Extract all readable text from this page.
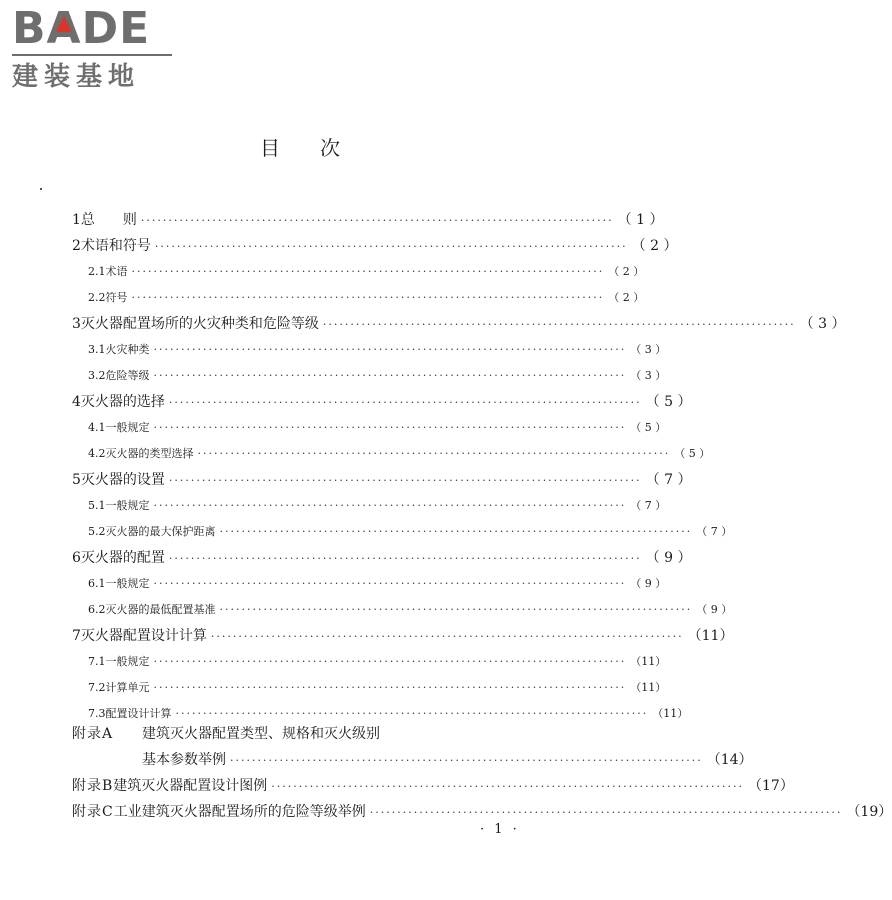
BA
DE
建装基地
目次
1 总　　则 ······················································································ （ 1 ）
2 术语和符号 ······················································································ （ 2 ）
2.1 术语 ······················································································ （ 2 ）
2.2 符号 ······················································································ （ 2 ）
3 灭火器配置场所的火灾种类和危险等级 ······················································································ （ 3 ）
3.1 火灾种类 ······················································································ （ 3 ）
3.2 危险等级 ······················································································ （ 3 ）
4 灭火器的选择 ······················································································ （ 5 ）
4.1 一般规定 ······················································································ （ 5 ）
4.2 灭火器的类型选择 ······················································································ （ 5 ）
5 灭火器的设置 ······················································································ （ 7 ）
5.1 一般规定 ······················································································ （ 7 ）
5.2 灭火器的最大保护距离 ······················································································ （ 7 ）
6 灭火器的配置 ······················································································ （ 9 ）
6.1 一般规定 ······················································································ （ 9 ）
6.2 灭火器的最低配置基准 ······················································································ （ 9 ）
7 灭火器配置设计计算 ······················································································ （11）
7.1 一般规定 ······················································································ （11）
7.2 计算单元 ······················································································ （11）
7.3 配置设计计算 ······················································································ （11）
附录A	建筑灭火器配置类型、规格和灭火级别
基本参数举例 ······················································································ （14）
附录B 建筑灭火器配置设计图例 ······················································································ （17）
附录C 工业建筑灭火器配置场所的危险等级举例 ······················································································ （19）
· 1 ·
